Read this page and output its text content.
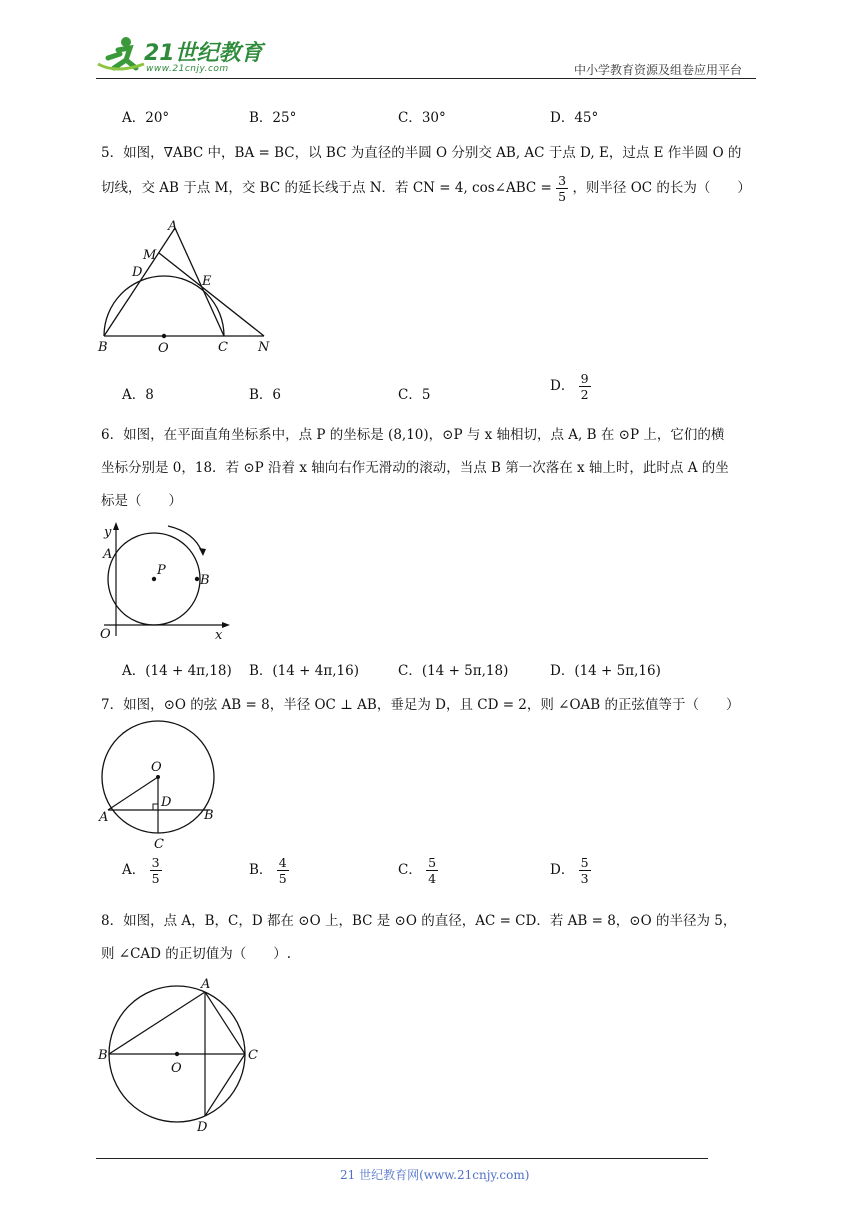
21世纪教育
www.21cnjy.com	中小学教育资源及组卷应用平台
A．20°	B．25°	C．30°	D．45°
5．如图，∇ABC 中，BA = BC，以 BC 为直径的半圆 O 分别交 AB, AC 于点 D, E，过点 E 作半圆 O 的
切线，交 AB 于点 M，交 BC 的延长线于点 N．若 CN = 4, cos∠ABC = $\frac{3}{5}$ ，则半径 OC 的长为（　　）
A
M
D
E
B	O	C N
A．8	B．6	C．5
D． $\frac{9}{2}$
6．如图，在平面直角坐标系中，点 P 的坐标是 (8,10)，⊙P 与 x 轴相切，点 A, B 在 ⊙P 上，它们的横
坐标分别是 0，18．若 ⊙P 沿着 x 轴向右作无滑动的滚动，当点 B 第一次落在 x 轴上时，此时点 A 的坐
标是（　　）
y
A
P
B
O	x
A．(14 + 4π,18) B．(14 + 4π,16)	C．(14 + 5π,18)	D．(14 + 5π,16)
7．如图，⊙O 的弦 AB = 8，半径 OC ⊥ AB，垂足为 D，且 CD = 2，则 ∠OAB 的正弦值等于（　　）
O
D
A	B
C
A． $\frac{3}{5}$	B． $\frac{4}{5}$	C． $\frac{5}{4}$	D． $\frac{5}{3}$
8．如图，点 A，B，C，D 都在 ⊙O 上，BC 是 ⊙O 的直径，AC = CD．若 AB = 8，⊙O 的半径为 5，
则 ∠CAD 的正切值为（　　）.
A
B
O
C
D
21 世纪教育网(www.21cnjy.com)
